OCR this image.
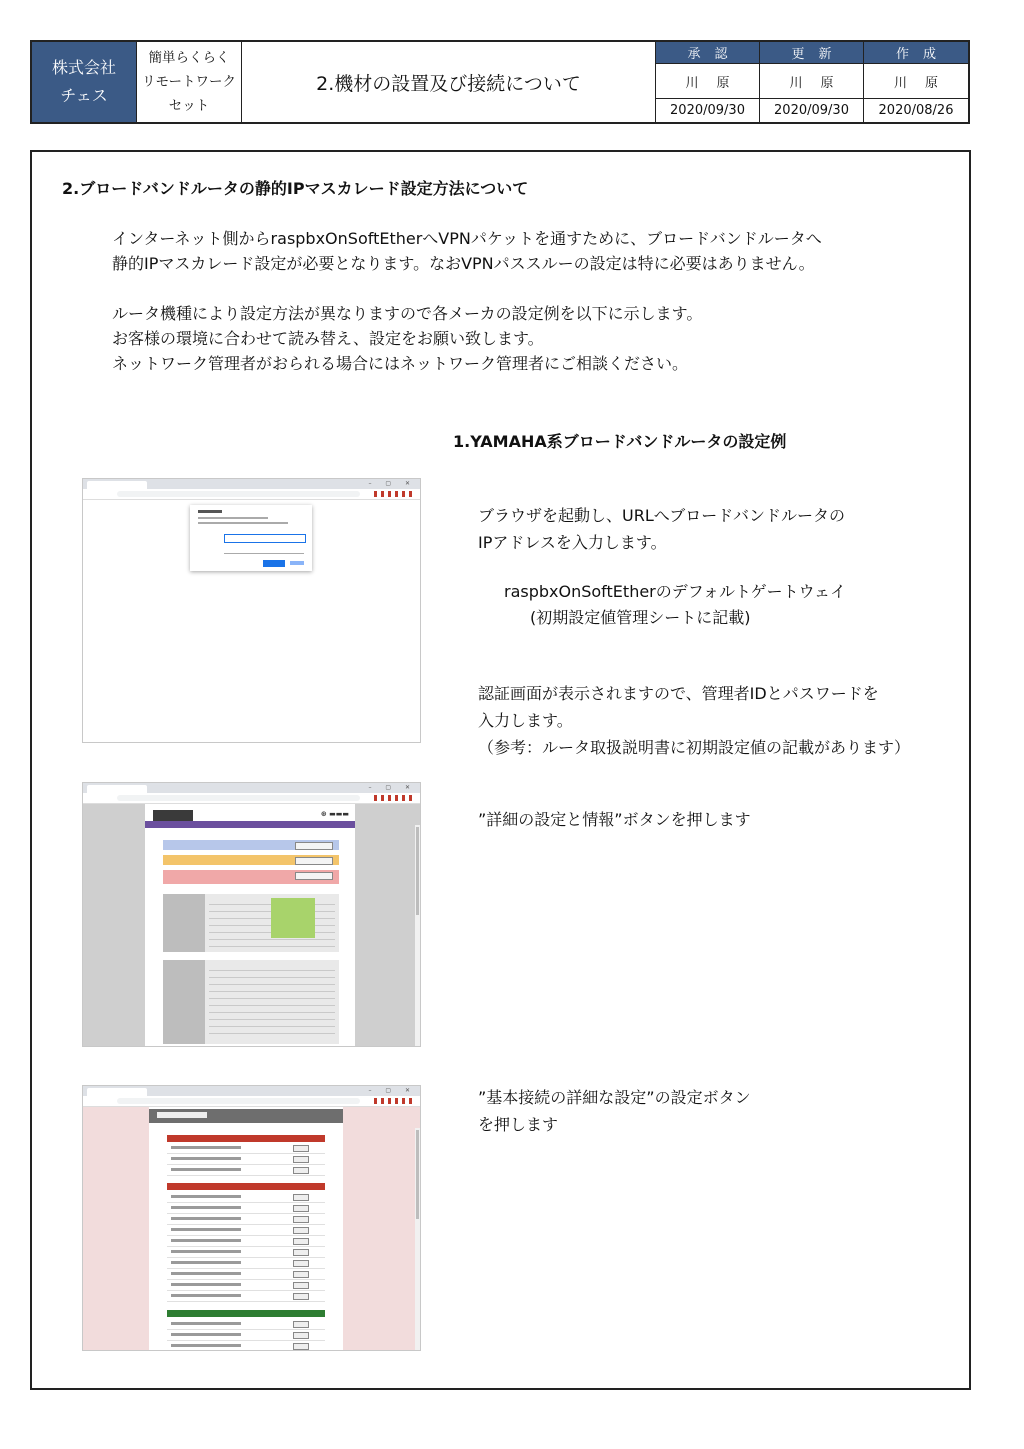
株式会社
チェス
簡単らくらく
リモートワーク
セット
2.機材の設置及び接続について
承認	更新	作成
川原	川原	川原
2020/09/30	2020/09/30	2020/08/26
2.ブロードバンドルータの静的IPマスカレード設定方法について
インターネット側からraspbxOnSoftEtherへVPNパケットを通すために、ブロードバンドルータへ
静的IPマスカレード設定が必要となります。なおVPNパススルーの設定は特に必要はありません。
ルータ機種により設定方法が異なりますので各メーカの設定例を以下に示します。
お客様の環境に合わせて読み替え、設定をお願い致します。
ネットワーク管理者がおられる場合にはネットワーク管理者にご相談ください。
1.YAMAHA系ブロードバンドルータの設定例
ブラウザを起動し、URLへブロードバンドルータの
IPアドレスを入力します。
raspbxOnSoftEtherのデフォルトゲートウェイ
(初期設定値管理シートに記載)
認証画面が表示されますので、管理者IDとパスワードを
入力します。
（参考：ルータ取扱説明書に初期設定値の記載があります）
”詳細の設定と情報”ボタンを押します
”基本接続の詳細な設定”の設定ボタン
を押します
– ▢ ✕
– ▢ ✕
⊛ ▬▬▬
– ▢ ✕
